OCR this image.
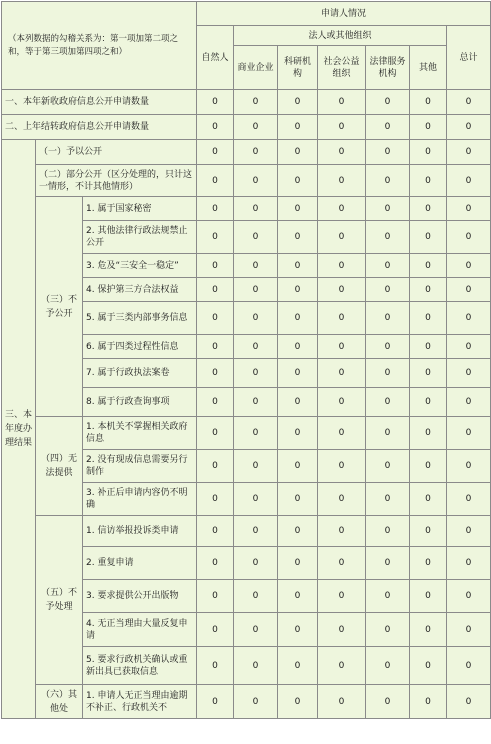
（本列数据的勾稽关系为：第一项加第二项之和，等于第三项加第四项之和）			申请人情况						
			自然人	法人或其他组织					总计
				商业企业	科研机构	社会公益组织	法律服务机构	其他	
一、本年新收政府信息公开申请数量			0	0	0	0	0	0	0
二、上年结转政府信息公开申请数量			0	0	0	0	0	0	0
三、本年度办理结果	（一）予以公开		0	0	0	0	0	0	0
	（二）部分公开（区分处理的，只计这一情形，不计其他情形）		0	0	0	0	0	0	0
	（三）不予公开	1. 属于国家秘密	0	0	0	0	0	0	0
		2. 其他法律行政法规禁止公开	0	0	0	0	0	0	0
		3. 危及“三安全一稳定”	0	0	0	0	0	0	0
		4. 保护第三方合法权益	0	0	0	0	0	0	0
		5. 属于三类内部事务信息	0	0	0	0	0	0	0
		6. 属于四类过程性信息	0	0	0	0	0	0	0
		7. 属于行政执法案卷	0	0	0	0	0	0	0
		8. 属于行政查询事项	0	0	0	0	0	0	0
	（四）无法提供	1. 本机关不掌握相关政府信息	0	0	0	0	0	0	0
		2. 没有现成信息需要另行制作	0	0	0	0	0	0	0
		3. 补正后申请内容仍不明确	0	0	0	0	0	0	0
	（五）不予处理	1. 信访举报投诉类申请	0	0	0	0	0	0	0
		2. 重复申请	0	0	0	0	0	0	0
		3. 要求提供公开出版物	0	0	0	0	0	0	0
		4. 无正当理由大量反复申请	0	0	0	0	0	0	0
		5. 要求行政机关确认或重新出具已获取信息	0	0	0	0	0	0	0
	（六）其他处	1. 申请人无正当理由逾期不补正、行政机关不	0	0	0	0	0	0	0
